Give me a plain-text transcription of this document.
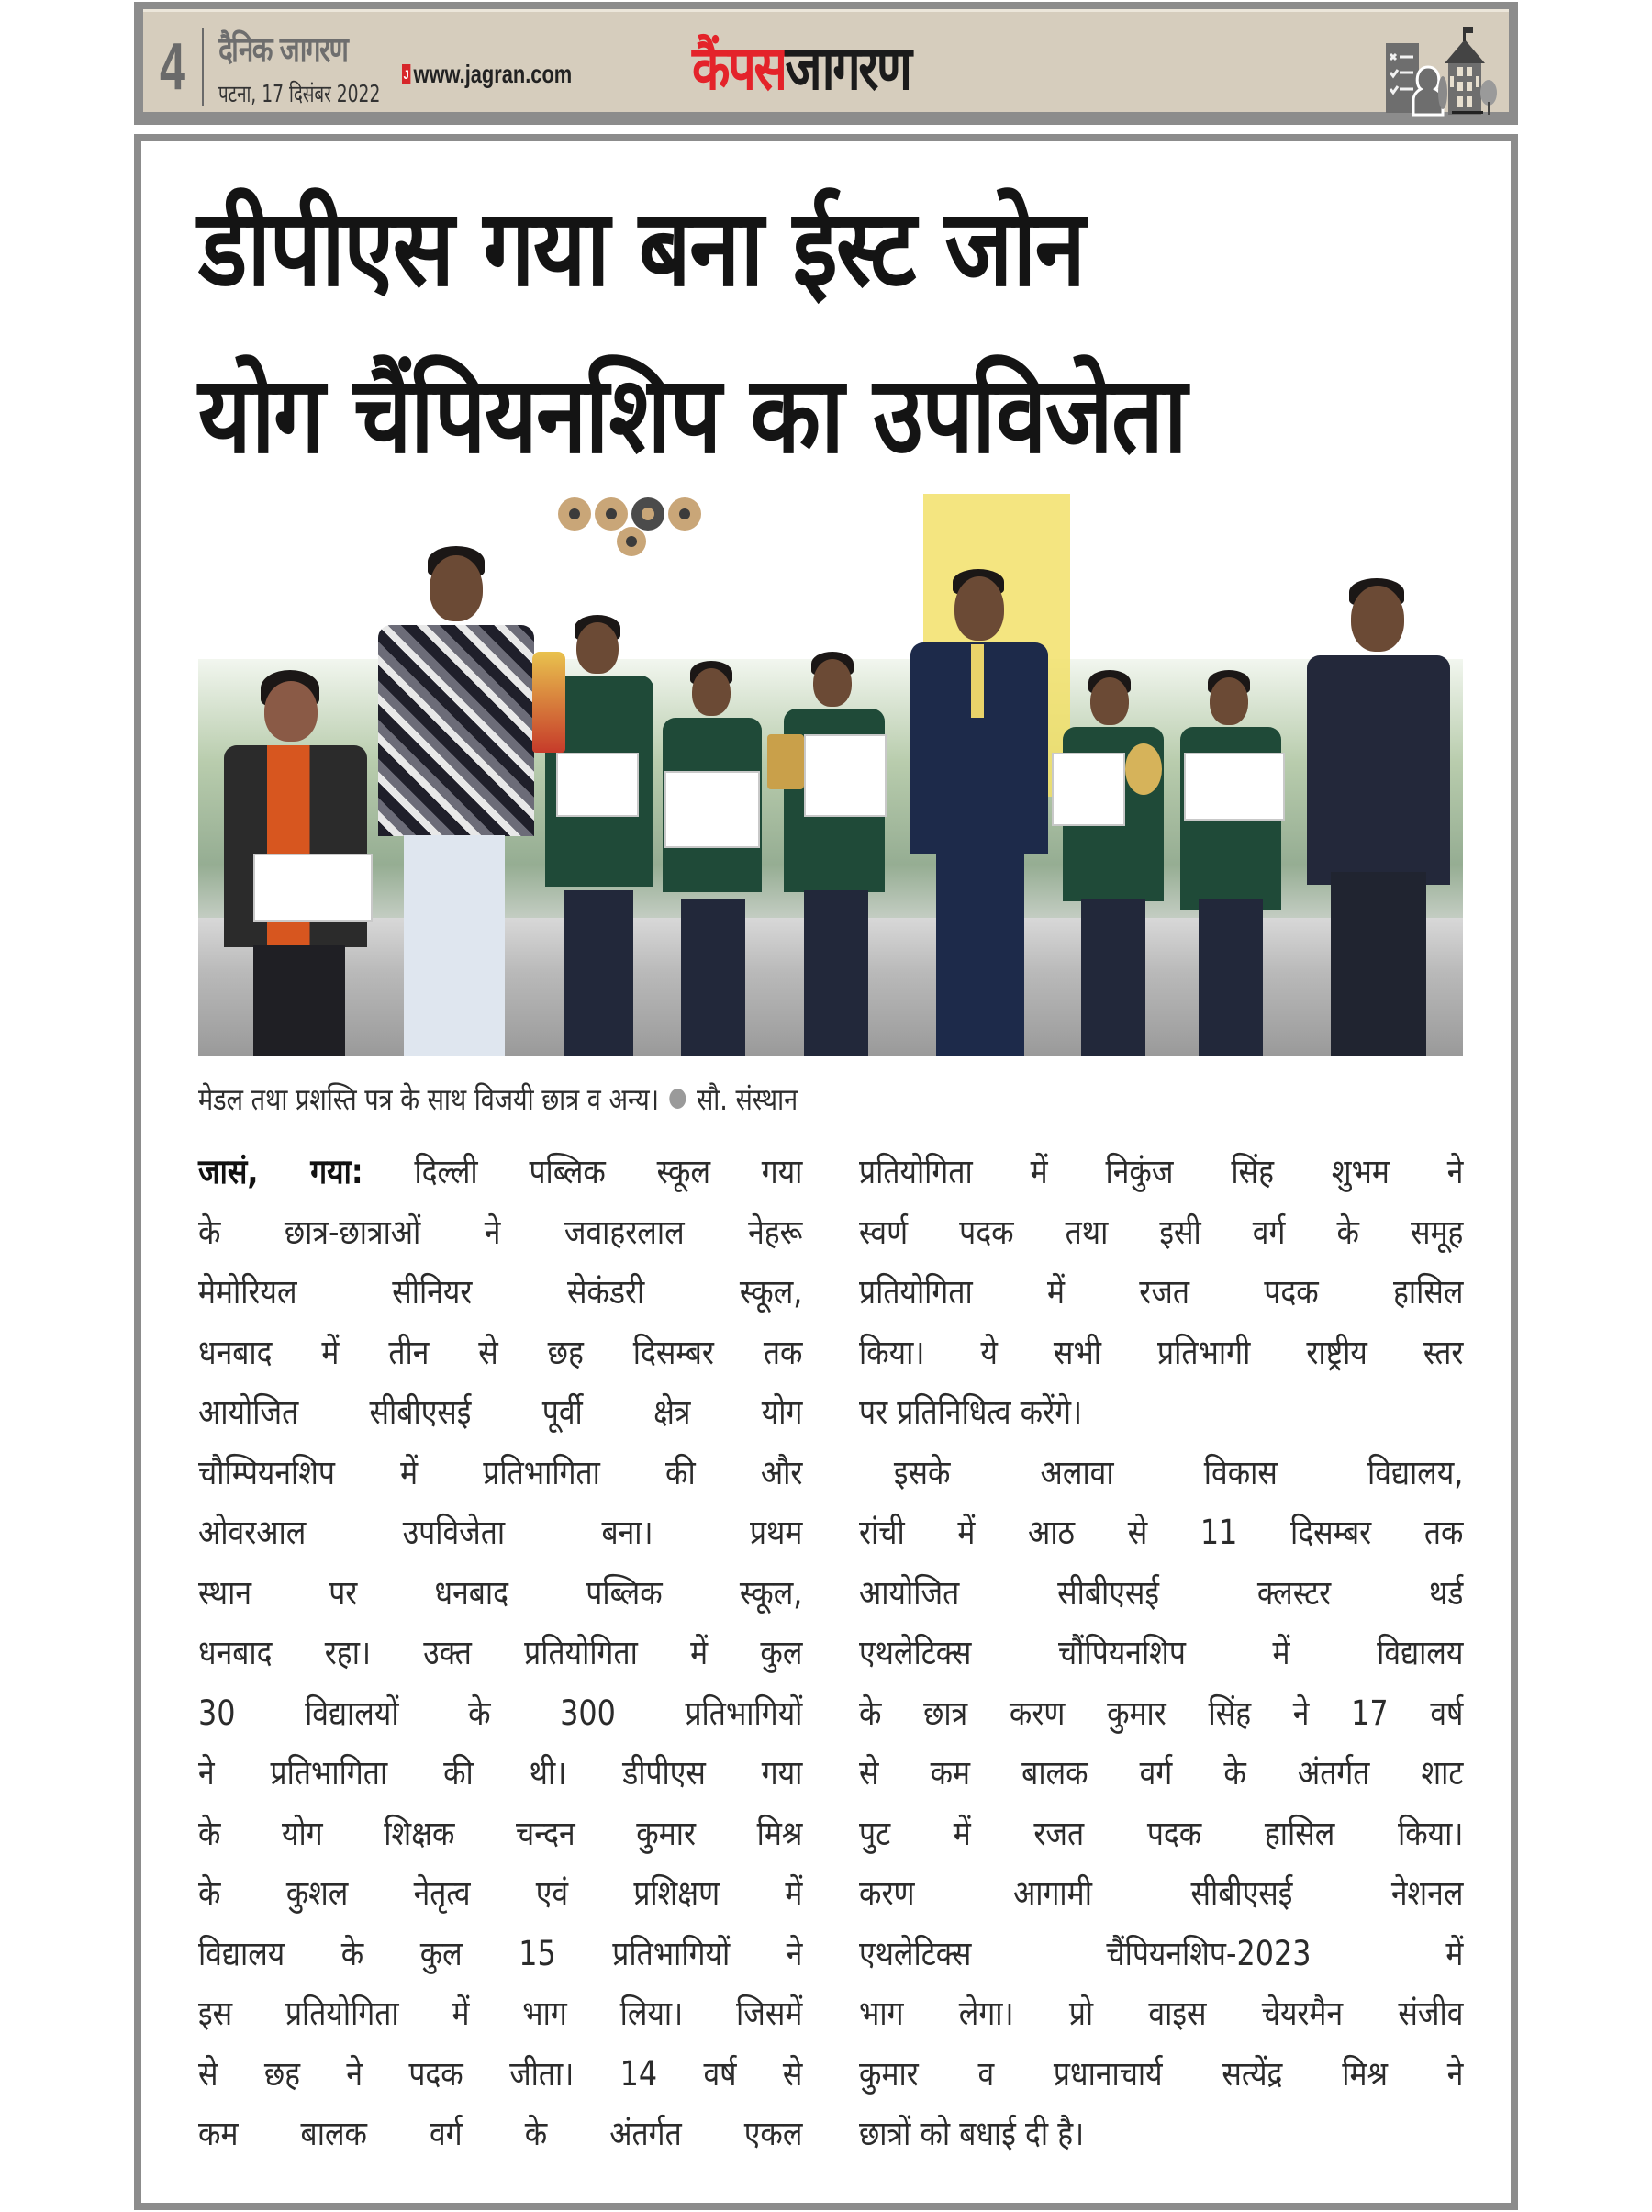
4 दैनिक जागरण
पटना, 17 दिसंबर 2022
J www.jagran.com कैंपसजागरण
डीपीएस गया बना ईस्ट जोन
योग चैंपियनशिप का उपविजेता
मेडल तथा प्रशस्ति पत्र के साथ विजयी छात्र व अन्य। सौ. संस्थान
जासं, गया: दिल्ली पब्लिक स्कूल गया
के छात्र-छात्राओं ने जवाहरलाल नेहरू
मेमोरियल सीनियर सेकंडरी स्कूल,
धनबाद में तीन से छह दिसम्बर तक
आयोजित सीबीएसई पूर्वी क्षेत्र योग
चौम्पियनशिप में प्रतिभागिता की और
ओवरआल उपविजेता बना। प्रथम
स्थान पर धनबाद पब्लिक स्कूल,
धनबाद रहा। उक्त प्रतियोगिता में कुल
30 विद्यालयों के 300 प्रतिभागियों
ने प्रतिभागिता की थी। डीपीएस गया
के योग शिक्षक चन्दन कुमार मिश्र
के कुशल नेतृत्व एवं प्रशिक्षण में
विद्यालय के कुल 15 प्रतिभागियों ने
इस प्रतियोगिता में भाग लिया। जिसमें
से छह ने पदक जीता। 14 वर्ष से
कम बालक वर्ग के अंतर्गत एकल
प्रतियोगिता में निकुंज सिंह शुभम ने
स्वर्ण पदक तथा इसी वर्ग के समूह
प्रतियोगिता में रजत पदक हासिल
किया। ये सभी प्रतिभागी राष्ट्रीय स्तर
पर प्रतिनिधित्व करेंगे।
इसके अलावा विकास विद्यालय,
रांची में आठ से 11 दिसम्बर तक
आयोजित सीबीएसई क्लस्टर थर्ड
एथलेटिक्स चौंपियनशिप में विद्यालय
के छात्र करण कुमार सिंह ने 17 वर्ष
से कम बालक वर्ग के अंतर्गत शाट
पुट में रजत पदक हासिल किया।
करण आगामी सीबीएसई नेशनल
एथलेटिक्स चैंपियनशिप-2023 में
भाग लेगा। प्रो वाइस चेयरमैन संजीव
कुमार व प्रधानाचार्य सत्येंद्र मिश्र ने
छात्रों को बधाई दी है।
